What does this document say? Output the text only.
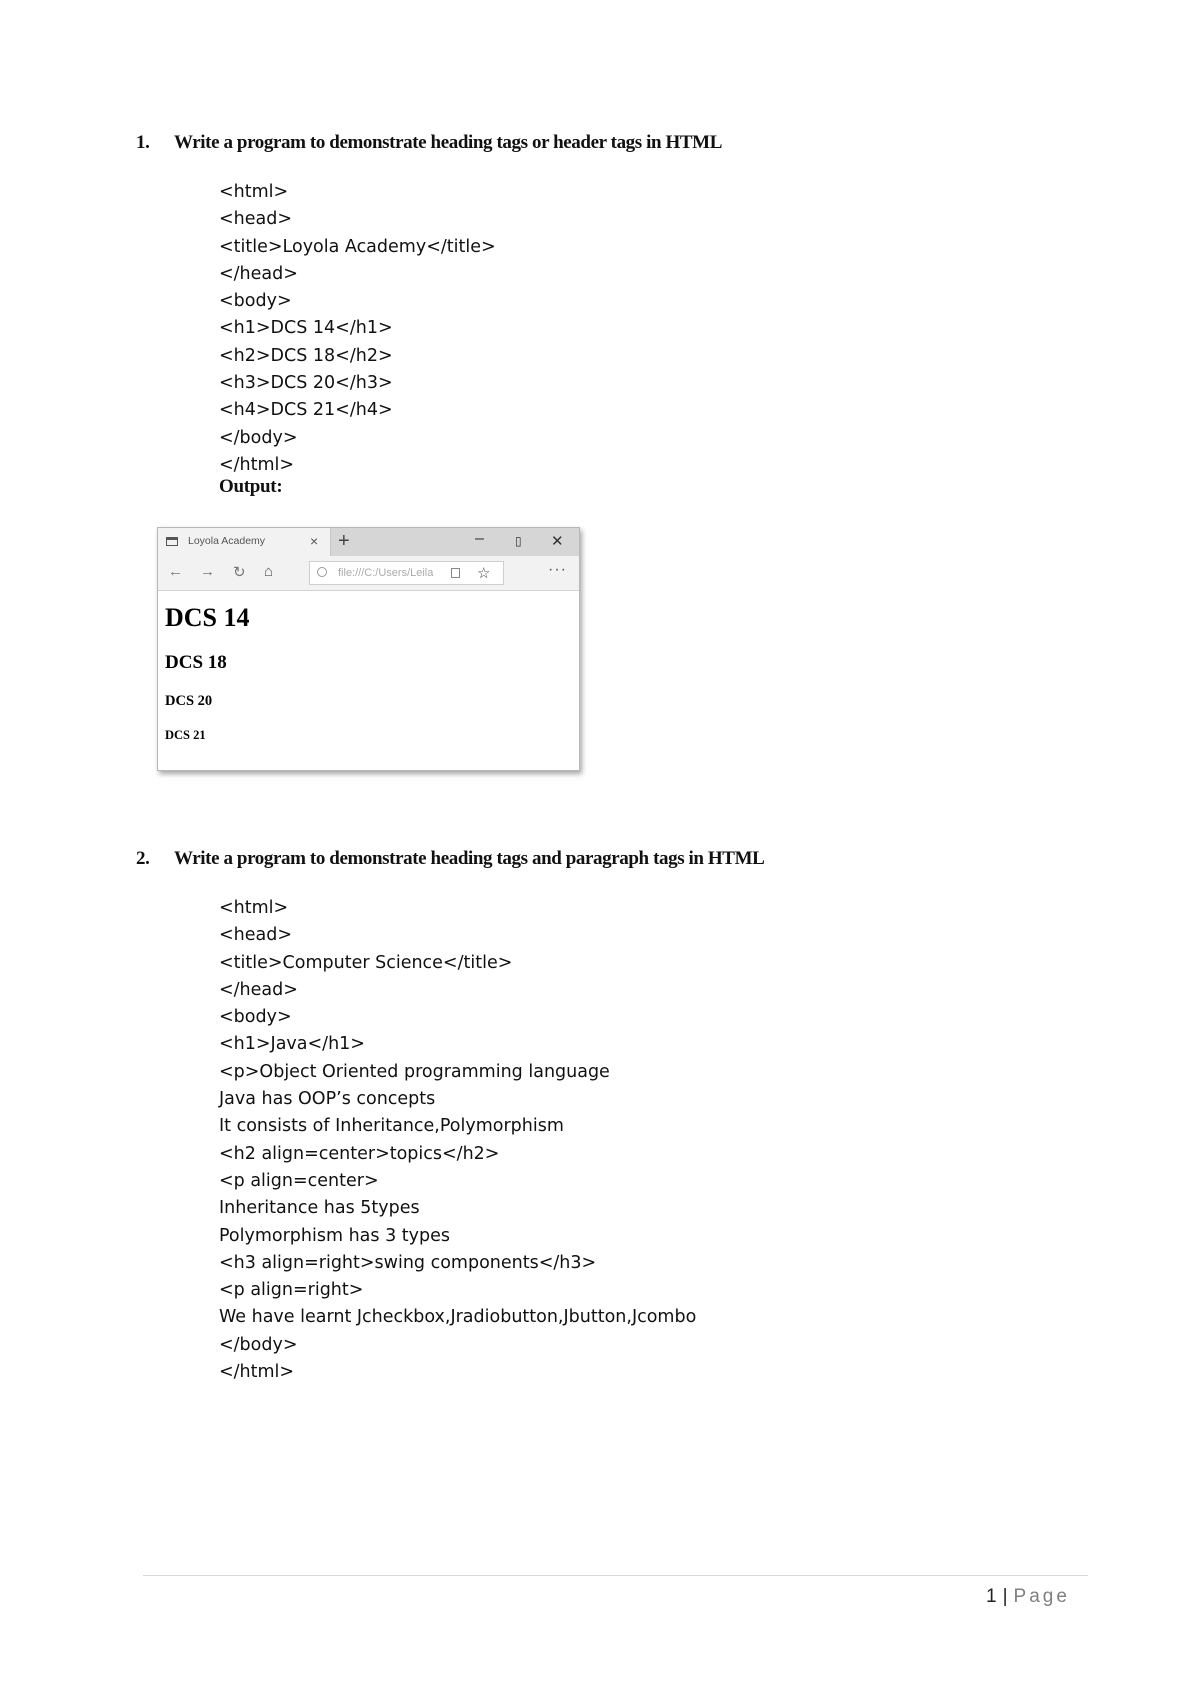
1. Write a program to demonstrate heading tags or header tags in HTML
<html>
<head>
<title>Loyola Academy</title>
</head>
<body>
<h1>DCS 14</h1>
<h2>DCS 18</h2>
<h3>DCS 20</h3>
<h4>DCS 21</h4>
</body>
</html>
Output:
Loyola Academy	× +	–	▯ ✕
← → ↻ ⌂	file:///C:/Users/Leila	☆	···
DCS 14
DCS 18
DCS 20
DCS 21
2. Write a program to demonstrate heading tags and paragraph tags in HTML
<html>
<head>
<title>Computer Science</title>
</head>
<body>
<h1>Java</h1>
<p>Object Oriented programming language
Java has OOP’s concepts
It consists of Inheritance,Polymorphism
<h2 align=center>topics</h2>
<p align=center>
Inheritance has 5types
Polymorphism has 3 types
<h3 align=right>swing components</h3>
<p align=right>
We have learnt Jcheckbox,Jradiobutton,Jbutton,Jcombo
</body>
</html>
1 | Page
